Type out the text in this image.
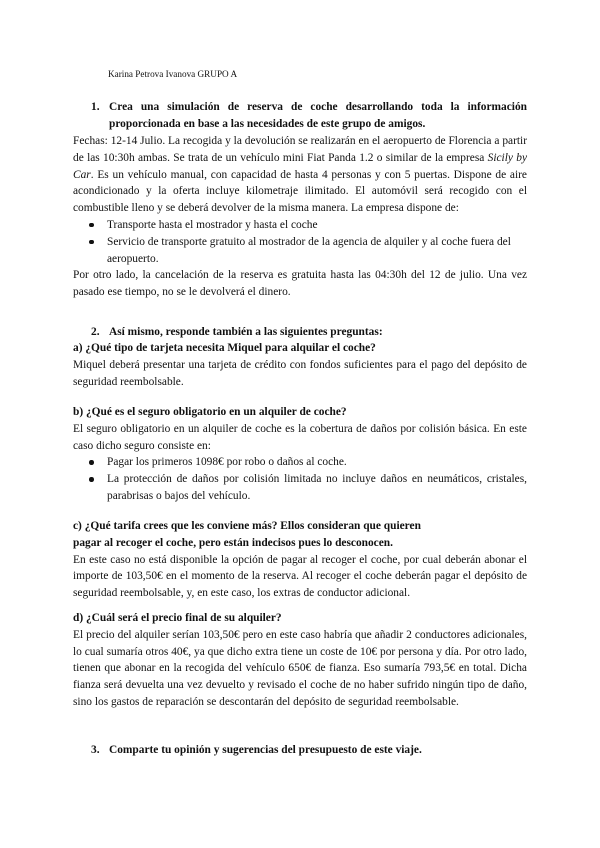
Karina Petrova Ivanova GRUPO A
1. Crea una simulación de reserva de coche desarrollando toda la información proporcionada en base a las necesidades de este grupo de amigos.

Fechas: 12-14 Julio. La recogida y la devolución se realizarán en el aeropuerto de Florencia a partir de las 10:30h ambas. Se trata de un vehículo mini Fiat Panda 1.2 o similar de la empresa Sicily by Car. Es un vehículo manual, con capacidad de hasta 4 personas y con 5 puertas. Dispone de aire acondicionado y la oferta incluye kilometraje ilimitado. El automóvil será recogido con el combustible lleno y se deberá devolver de la misma manera. La empresa dispone de:

Transporte hasta el mostrador y hasta el coche
Servicio de transporte gratuito al mostrador de la agencia de alquiler y al coche fuera del aeropuerto.

Por otro lado, la cancelación de la reserva es gratuita hasta las 04:30h del 12 de julio. Una vez pasado ese tiempo, no se le devolverá el dinero.

2. Así mismo, responde también a las siguientes preguntas:

a) ¿Qué tipo de tarjeta necesita Miquel para alquilar el coche?

Miquel deberá presentar una tarjeta de crédito con fondos suficientes para el pago del depósito de seguridad reembolsable.

b) ¿Qué es el seguro obligatorio en un alquiler de coche?

El seguro obligatorio en un alquiler de coche es la cobertura de daños por colisión básica. En este caso dicho seguro consiste en:

Pagar los primeros 1098€ por robo o daños al coche.
La protección de daños por colisión limitada no incluye daños en neumáticos, cristales, parabrisas o bajos del vehículo.

c) ¿Qué tarifa crees que les conviene más? Ellos consideran que quieren

pagar al recoger el coche, pero están indecisos pues lo desconocen.

En este caso no está disponible la opción de pagar al recoger el coche, por cual deberán abonar el importe de 103,50€ en el momento de la reserva. Al recoger el coche deberán pagar el depósito de seguridad reembolsable, y, en este caso, los extras de conductor adicional.

d) ¿Cuál será el precio final de su alquiler?

El precio del alquiler serían 103,50€ pero en este caso habría que añadir 2 conductores adicionales, lo cual sumaría otros 40€, ya que dicho extra tiene un coste de 10€ por persona y día. Por otro lado, tienen que abonar en la recogida del vehículo 650€ de fianza. Eso sumaría 793,5€ en total. Dicha fianza será devuelta una vez devuelto y revisado el coche de no haber sufrido ningún tipo de daño, sino los gastos de reparación se descontarán del depósito de seguridad reembolsable.

3. Comparte tu opinión y sugerencias del presupuesto de este viaje.
